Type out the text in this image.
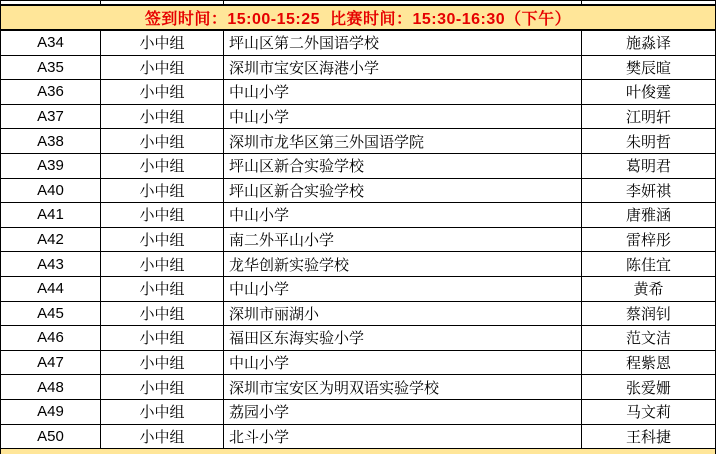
签到时间：15:00-15:25  比赛时间：15:30-16:30（下午）
A34	小中组	坪山区第二外国语学校	施淼译
A35	小中组	深圳市宝安区海港小学	樊辰暄
A36	小中组	中山小学	叶俊霆
A37	小中组	中山小学	江明轩
A38	小中组	深圳市龙华区第三外国语学院	朱明哲
A39	小中组	坪山区新合实验学校	葛明君
A40	小中组	坪山区新合实验学校	李妍祺
A41	小中组	中山小学	唐雅涵
A42	小中组	南二外平山小学	雷梓彤
A43	小中组	龙华创新实验学校	陈佳宜
A44	小中组	中山小学	黄希
A45	小中组	深圳市丽湖小	蔡润钊
A46	小中组	福田区东海实验小学	范文洁
A47	小中组	中山小学	程紫恩
A48	小中组	深圳市宝安区为明双语实验学校	张爱姗
A49	小中组	荔园小学	马文莉
A50	小中组	北斗小学	王科捷
